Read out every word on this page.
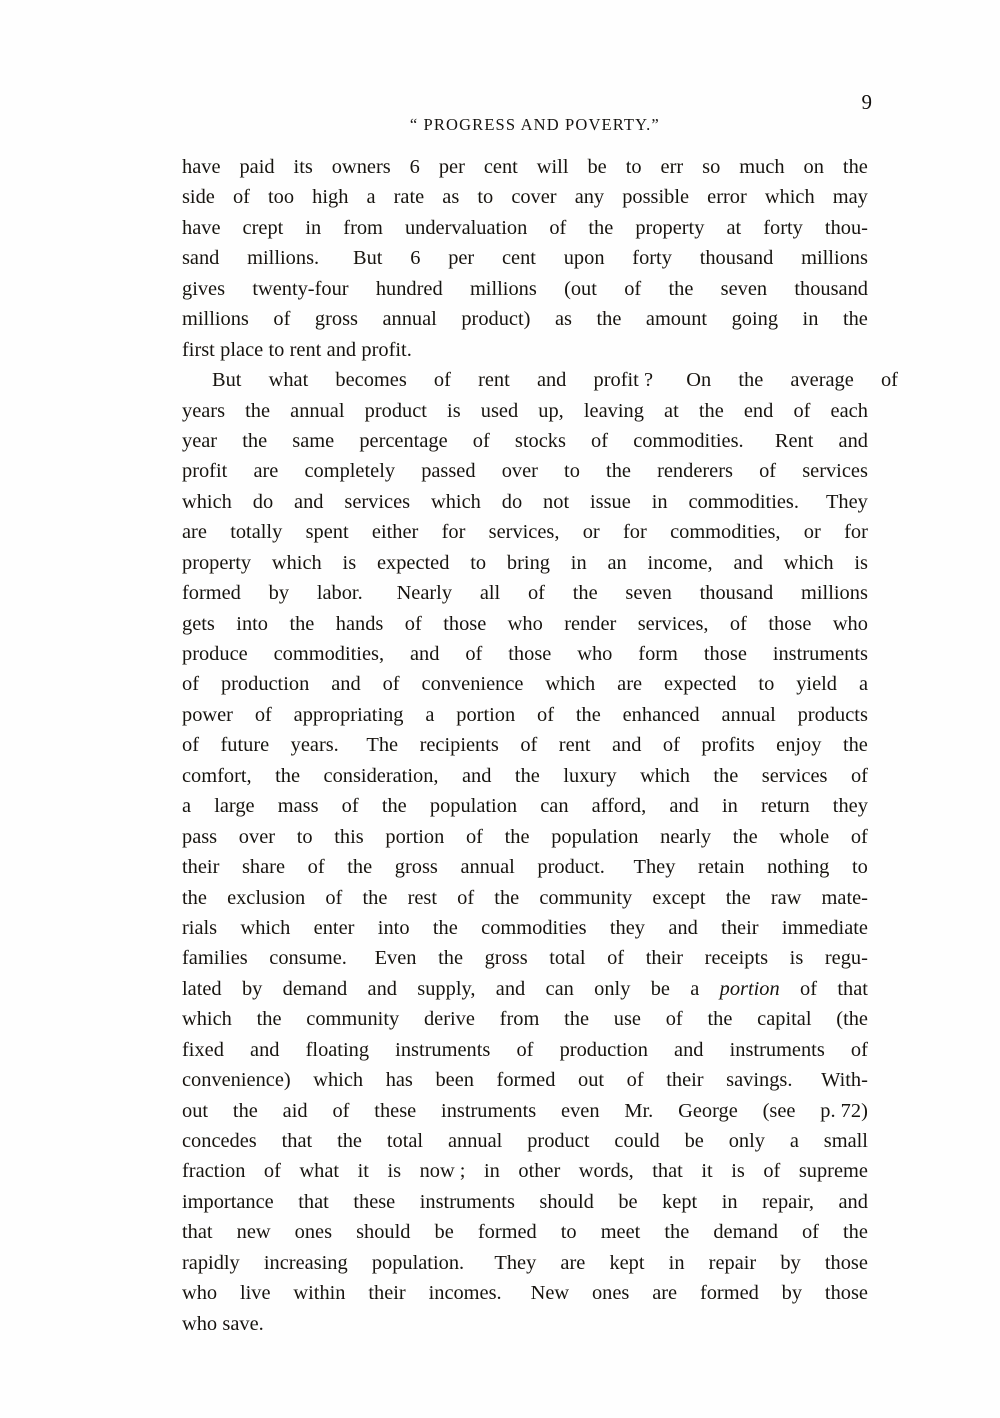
“ PROGRESS AND POVERTY.”

9
have paid its owners 6 per cent will be to err so much on the
side of too high a rate as to cover any possible error which may
have crept in from undervaluation of the property at forty thou-
sand millions. But 6 per cent upon forty thousand millions
gives twenty-four hundred millions (out of the seven thousand
millions of gross annual product) as the amount going in the
first place to rent and profit.
But what becomes of rent and profit ? On the average of
years the annual product is used up, leaving at the end of each
year the same percentage of stocks of commodities. Rent and
profit are completely passed over to the renderers of services
which do and services which do not issue in commodities. They
are totally spent either for services, or for commodities, or for
property which is expected to bring in an income, and which is
formed by labor. Nearly all of the seven thousand millions
gets into the hands of those who render services, of those who
produce commodities, and of those who form those instruments
of production and of convenience which are expected to yield a
power of appropriating a portion of the enhanced annual products
of future years. The recipients of rent and of profits enjoy the
comfort, the consideration, and the luxury which the services of
a large mass of the population can afford, and in return they
pass over to this portion of the population nearly the whole of
their share of the gross annual product. They retain nothing to
the exclusion of the rest of the community except the raw mate-
rials which enter into the commodities they and their immediate
families consume. Even the gross total of their receipts is regu-
lated by demand and supply, and can only be a portion of that
which the community derive from the use of the capital (the
fixed and floating instruments of production and instruments of
convenience) which has been formed out of their savings. With-
out the aid of these instruments even Mr. George (see p. 72)
concedes that the total annual product could be only a small
fraction of what it is now ; in other words, that it is of supreme
importance that these instruments should be kept in repair, and
that new ones should be formed to meet the demand of the
rapidly increasing population. They are kept in repair by those
who live within their incomes. New ones are formed by those
who save.
